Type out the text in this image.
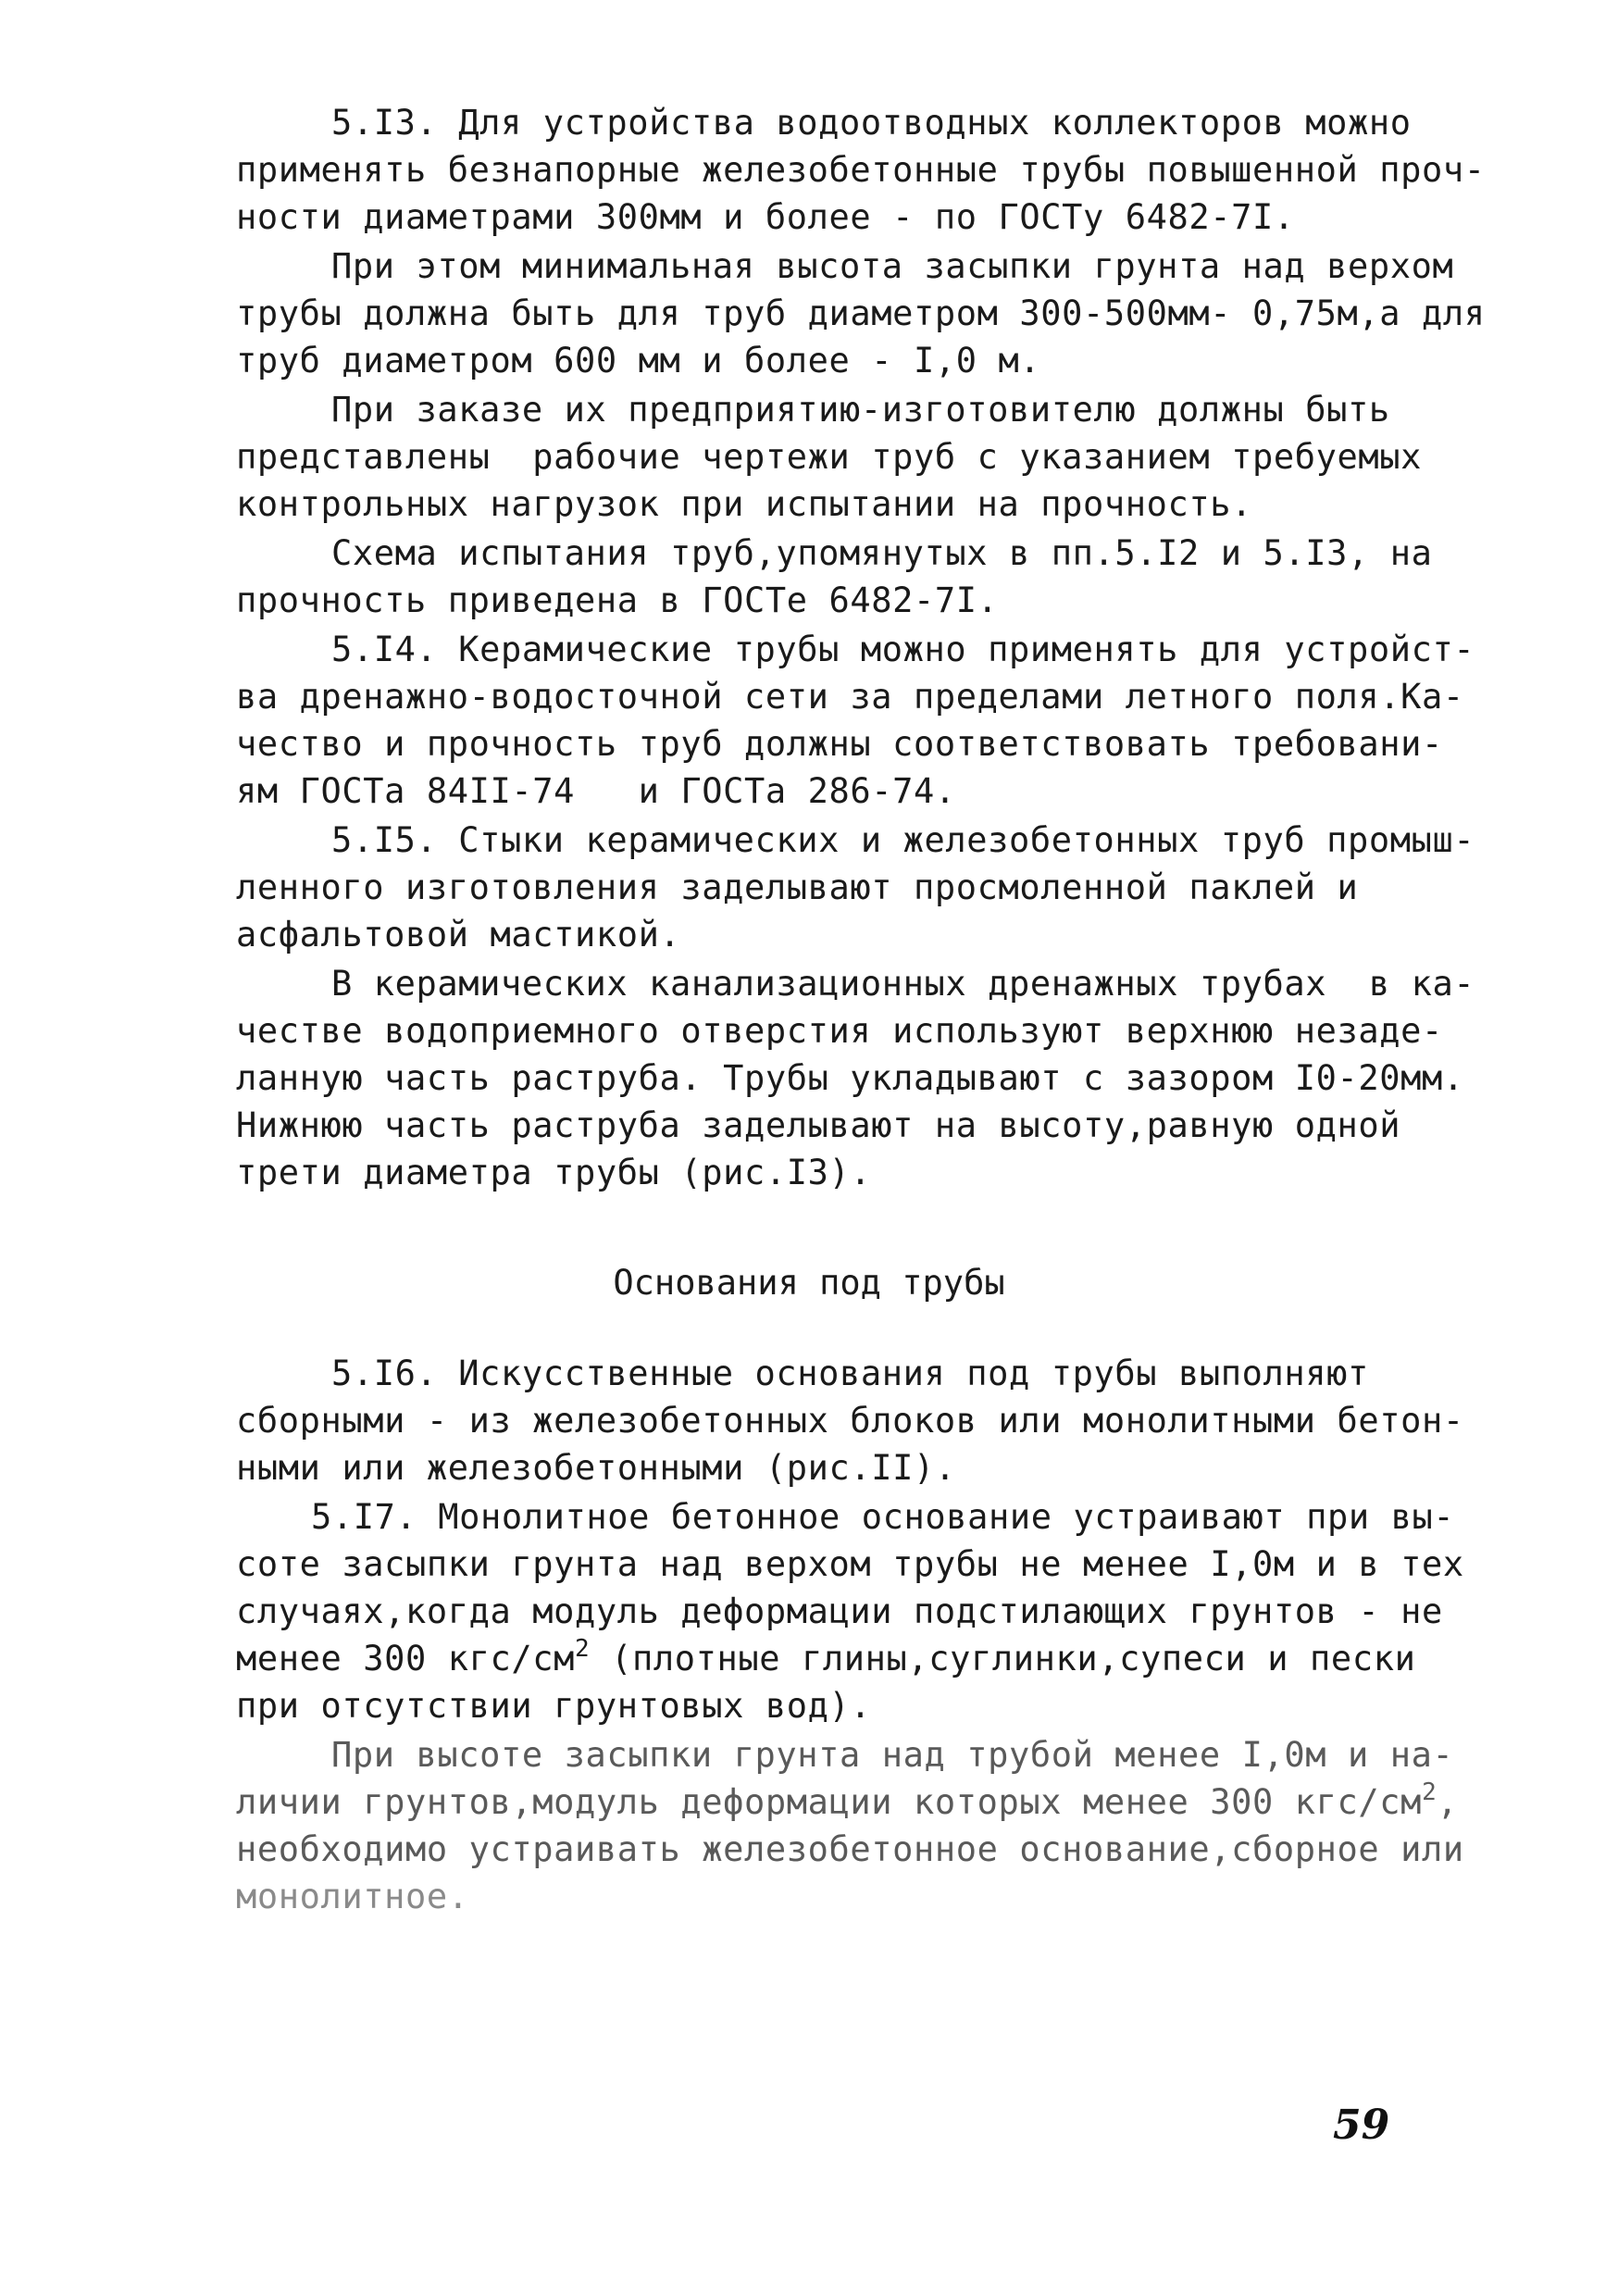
5.I3. Для устройства водоотводных коллекторов можно
применять безнапорные железобетонные трубы повышенной проч-
ности диаметрами 300мм и более - по ГОСТу 6482-7I.
При этом минимальная высота засыпки грунта над верхом
трубы должна быть для труб диаметром 300-500мм- 0,75м,а для
труб диаметром 600 мм и более - I,0 м.
При заказе их предприятию-изготовителю должны быть
представлены  рабочие чертежи труб с указанием требуемых
контрольных нагрузок при испытании на прочность.
Схема испытания труб,упомянутых в пп.5.I2 и 5.I3, на
прочность приведена в ГОСТе 6482-7I.
5.I4. Керамические трубы можно применять для устройст-
ва дренажно-водосточной сети за пределами летного поля.Ка-
чество и прочность труб должны соответствовать требовани-
ям ГОСТа 84II-74   и ГОСТа 286-74.
5.I5. Стыки керамических и железобетонных труб промыш-
ленного изготовления заделывают просмоленной паклей и
асфальтовой мастикой.
В керамических канализационных дренажных трубах  в ка-
честве водоприемного отверстия используют верхнюю незаде-
ланную часть раструба. Трубы укладывают с зазором I0-20мм.
Нижнюю часть раструба заделывают на высоту,равную одной
трети диаметра трубы (рис.I3).
Основания под трубы
5.I6. Искусственные основания под трубы выполняют
сборными - из железобетонных блоков или монолитными бетон-
ными или железобетонными (рис.II).
5.I7. Монолитное бетонное основание устраивают при вы-
соте засыпки грунта над верхом трубы не менее I,0м и в тех
случаях,когда модуль деформации подстилающих грунтов - не
менее 300 кгс/$см^2$ (плотные глины,суглинки,супеси и пески
при отсутствии грунтовых вод).
При высоте засыпки грунта над трубой менее I,0м и на-
личии грунтов,модуль деформации которых менее 300 кгс/$см^2$,
необходимо устраивать железобетонное основание,сборное или
монолитное.
59
